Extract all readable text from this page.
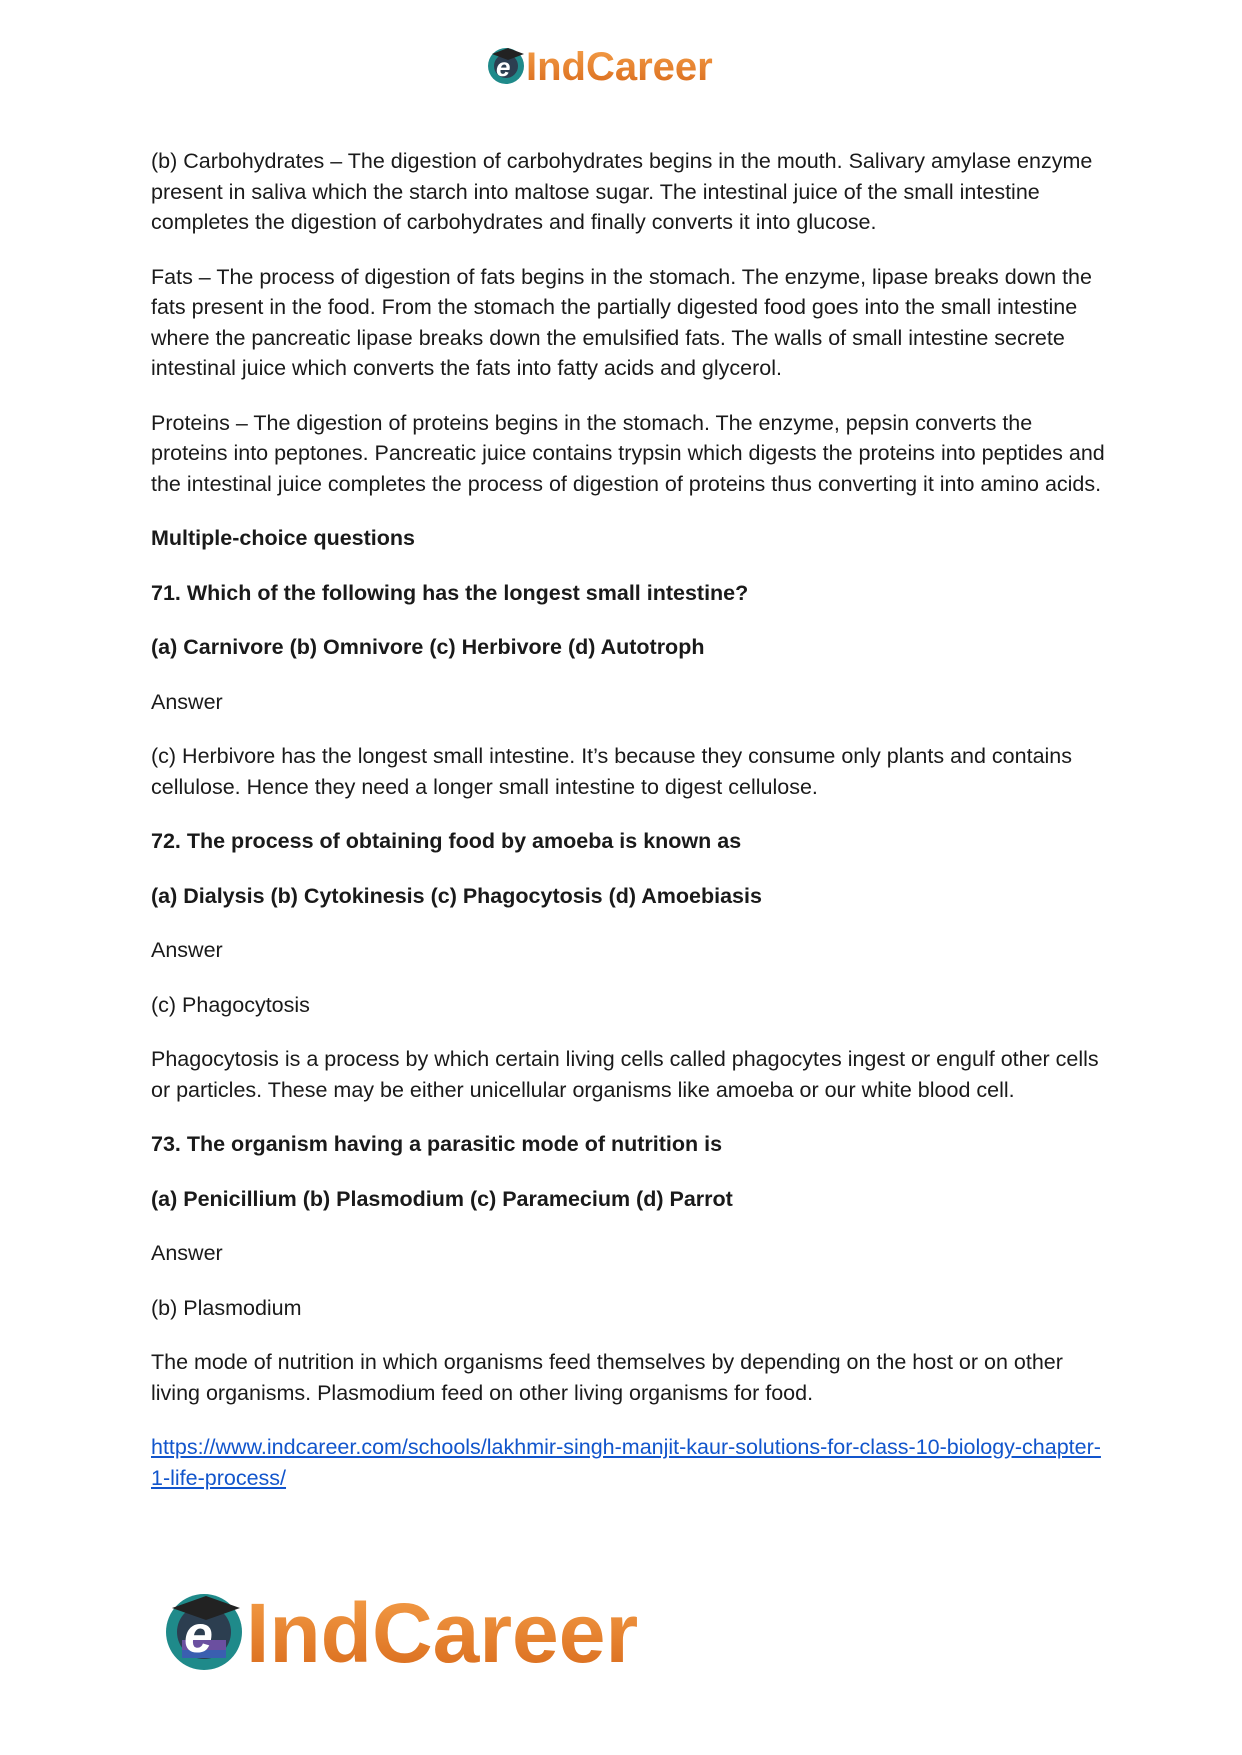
e IndCareer

(b) Carbohydrates – The digestion of carbohydrates begins in the mouth. Salivary amylase enzyme present in saliva which the starch into maltose sugar. The intestinal juice of the small intestine completes the digestion of carbohydrates and finally converts it into glucose.

Fats – The process of digestion of fats begins in the stomach. The enzyme, lipase breaks down the fats present in the food. From the stomach the partially digested food goes into the small intestine where the pancreatic lipase breaks down the emulsified fats. The walls of small intestine secrete intestinal juice which converts the fats into fatty acids and glycerol.

Proteins – The digestion of proteins begins in the stomach. The enzyme, pepsin converts the proteins into peptones. Pancreatic juice contains trypsin which digests the proteins into peptides and the intestinal juice completes the process of digestion of proteins thus converting it into amino acids.

Multiple-choice questions

71. Which of the following has the longest small intestine?

(a) Carnivore (b) Omnivore (c) Herbivore (d) Autotroph

Answer

(c) Herbivore has the longest small intestine. It’s because they consume only plants and contains cellulose. Hence they need a longer small intestine to digest cellulose.

72. The process of obtaining food by amoeba is known as

(a) Dialysis (b) Cytokinesis (c) Phagocytosis (d) Amoebiasis

Answer

(c) Phagocytosis

Phagocytosis is a process by which certain living cells called phagocytes ingest or engulf other cells or particles. These may be either unicellular organisms like amoeba or our white blood cell.

73. The organism having a parasitic mode of nutrition is

(a) Penicillium (b) Plasmodium (c) Paramecium (d) Parrot

Answer

(b) Plasmodium

The mode of nutrition in which organisms feed themselves by depending on the host or on other living organisms. Plasmodium feed on other living organisms for food.

https://www.indcareer.com/schools/lakhmir-singh-manjit-kaur-solutions-for-class-10-biology-chapter-1-life-process/

e IndCareer
